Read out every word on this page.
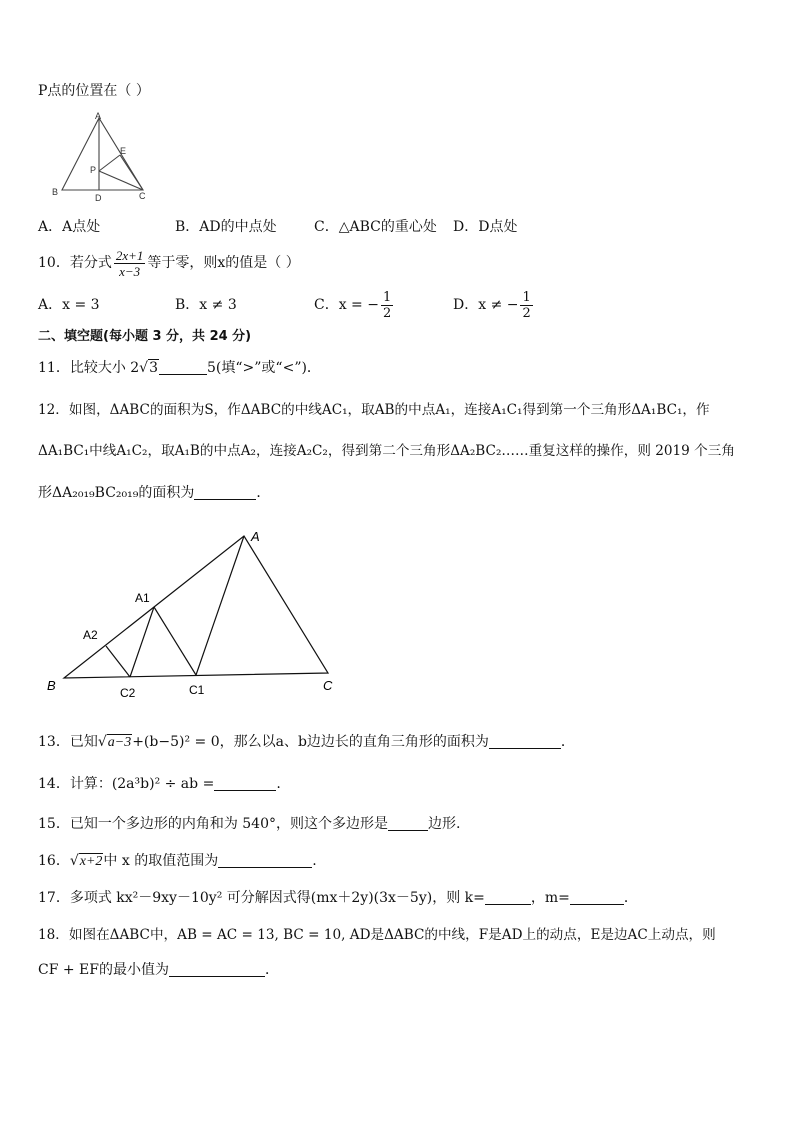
P点的位置在（ ）
A
B	C
D
E
P
A．A点处	B．AD的中点处	C．△ABC的重心处 D．D点处
10．若分式 $\frac{2x+1}{x-3}$ 等于零，则x的值是（ ）
A．x = 3	B．x ≠ 3	C．x = − $\frac{1}{2}$	D．x ≠ − $\frac{1}{2}$
二、填空题(每小题 3 分，共 24 分)
11．比较大小 2√3	5(填“>”或“<”)．
12．如图，ΔABC的面积为S，作ΔABC的中线AC₁，取AB的中点A₁，连接A₁C₁得到第一个三角形ΔA₁BC₁，作
ΔA₁BC₁中线A₁C₂，取A₁B的中点A₂，连接A₂C₂，得到第二个三角形ΔA₂BC₂……重复这样的操作，则 2019 个三角
形ΔA₂₀₁₉BC₂₀₁₉的面积为	．
A
A1
A2
B	C
C1
C2
13．已知√a−3+(b−5)² = 0，那么以a、b边边长的直角三角形的面积为	．
14．计算：(2a³b)² ÷ ab =	.
15．已知一个多边形的内角和为 540°，则这个多边形是	边形.
16．√x+2中 x 的取值范围为	.
17．多项式 kx²－9xy－10y² 可分解因式得(mx＋2y)(3x－5y)，则 k=	，m=	．
18．如图在ΔABC中，AB = AC = 13, BC = 10, AD是ΔABC的中线，F是AD上的动点，E是边AC上动点，则
CF + EF的最小值为	．
